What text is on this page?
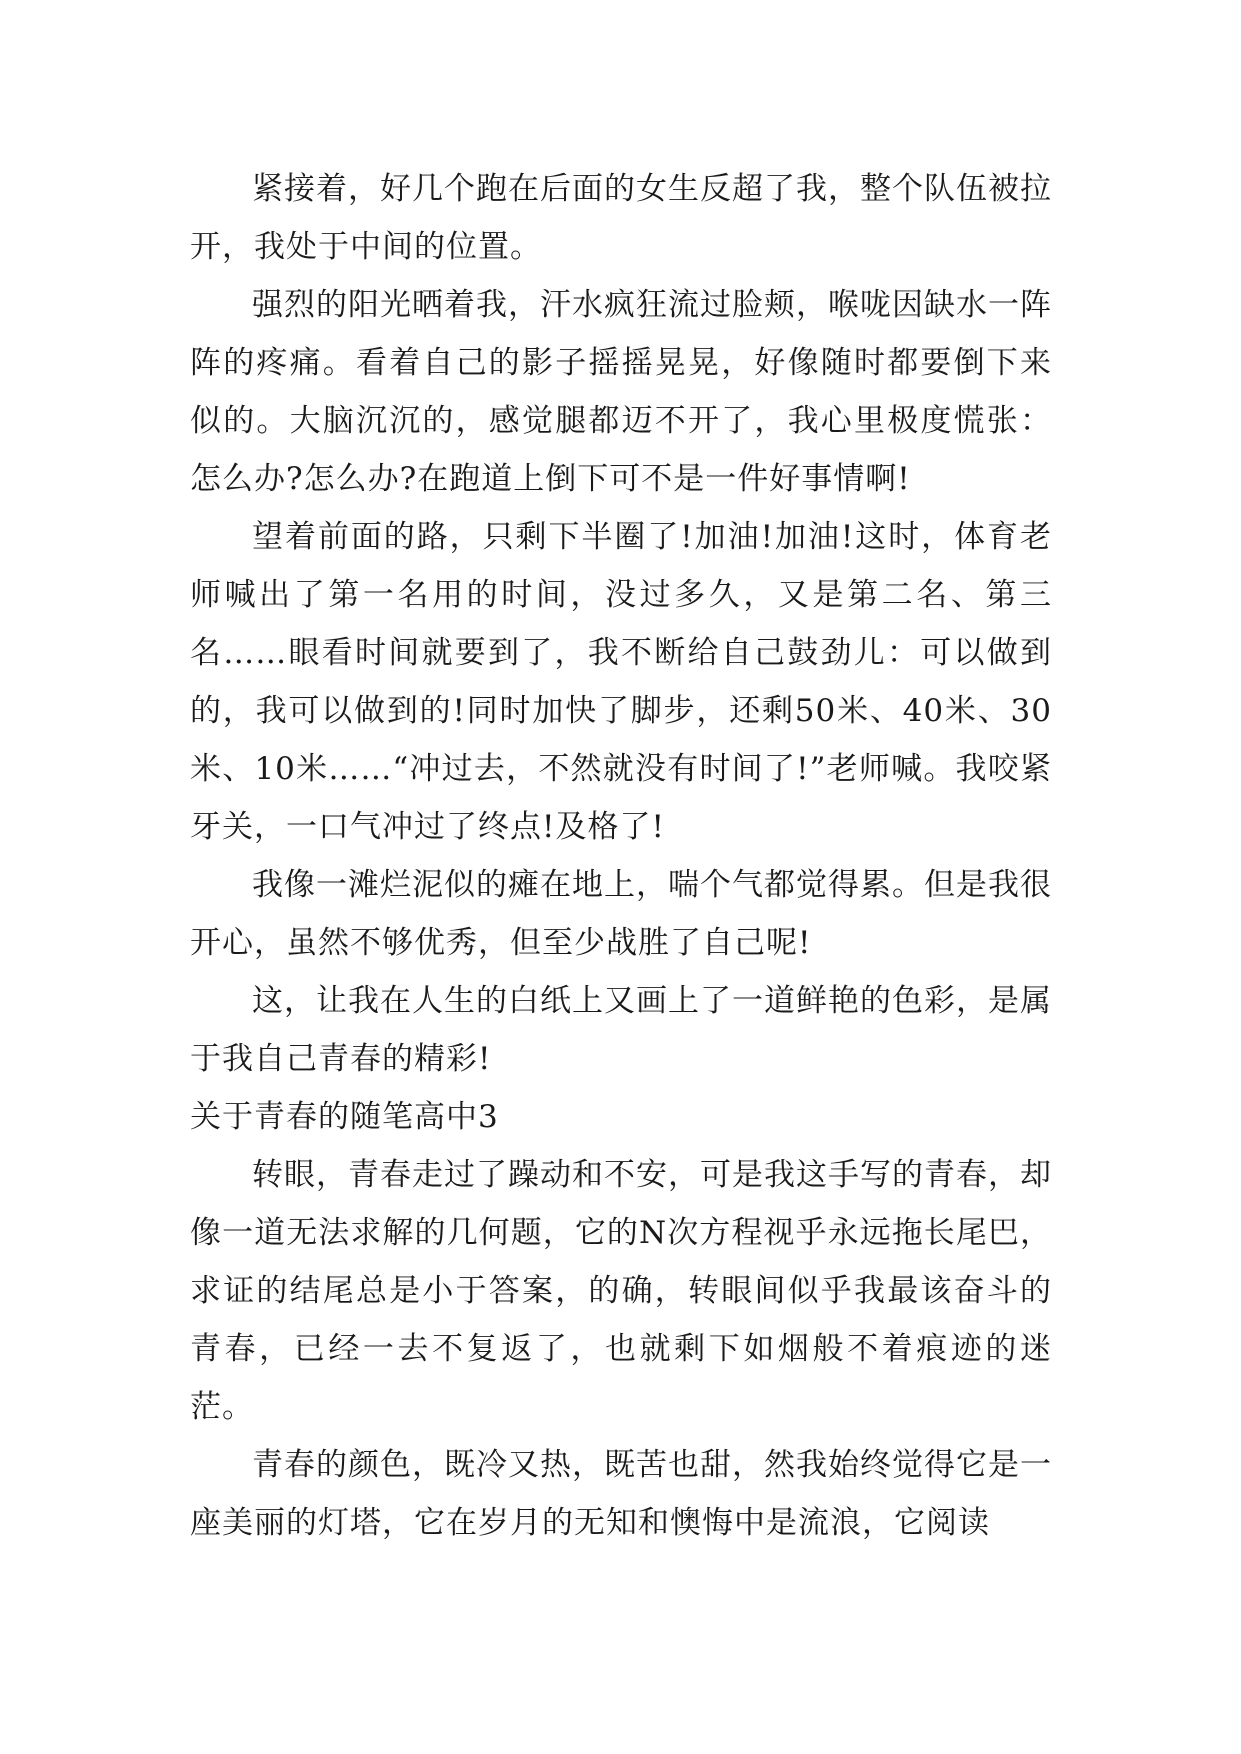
紧接着，好几个跑在后面的女生反超了我，整个队伍被拉开，我处于中间的位置。

强烈的阳光晒着我，汗水疯狂流过脸颊，喉咙因缺水一阵阵的疼痛。看着自己的影子摇摇晃晃，好像随时都要倒下来似的。大脑沉沉的，感觉腿都迈不开了，我心里极度慌张：怎么办?怎么办?在跑道上倒下可不是一件好事情啊!

望着前面的路，只剩下半圈了!加油!加油!这时，体育老师喊出了第一名用的时间，没过多久，又是第二名、第三名……眼看时间就要到了，我不断给自己鼓劲儿：可以做到的，我可以做到的!同时加快了脚步，还剩50米、40米、30米、10米……“冲过去，不然就没有时间了!”老师喊。我咬紧牙关，一口气冲过了终点!及格了!

我像一滩烂泥似的瘫在地上，喘个气都觉得累。但是我很开心，虽然不够优秀，但至少战胜了自己呢!

这，让我在人生的白纸上又画上了一道鲜艳的色彩，是属于我自己青春的精彩!

关于青春的随笔高中3

转眼，青春走过了躁动和不安，可是我这手写的青春，却像一道无法求解的几何题，它的N次方程视乎永远拖长尾巴，求证的结尾总是小于答案，的确，转眼间似乎我最该奋斗的青春，已经一去不复返了，也就剩下如烟般不着痕迹的迷茫。

青春的颜色，既冷又热，既苦也甜，然我始终觉得它是一座美丽的灯塔，它在岁月的无知和懊悔中是流浪，它阅读
